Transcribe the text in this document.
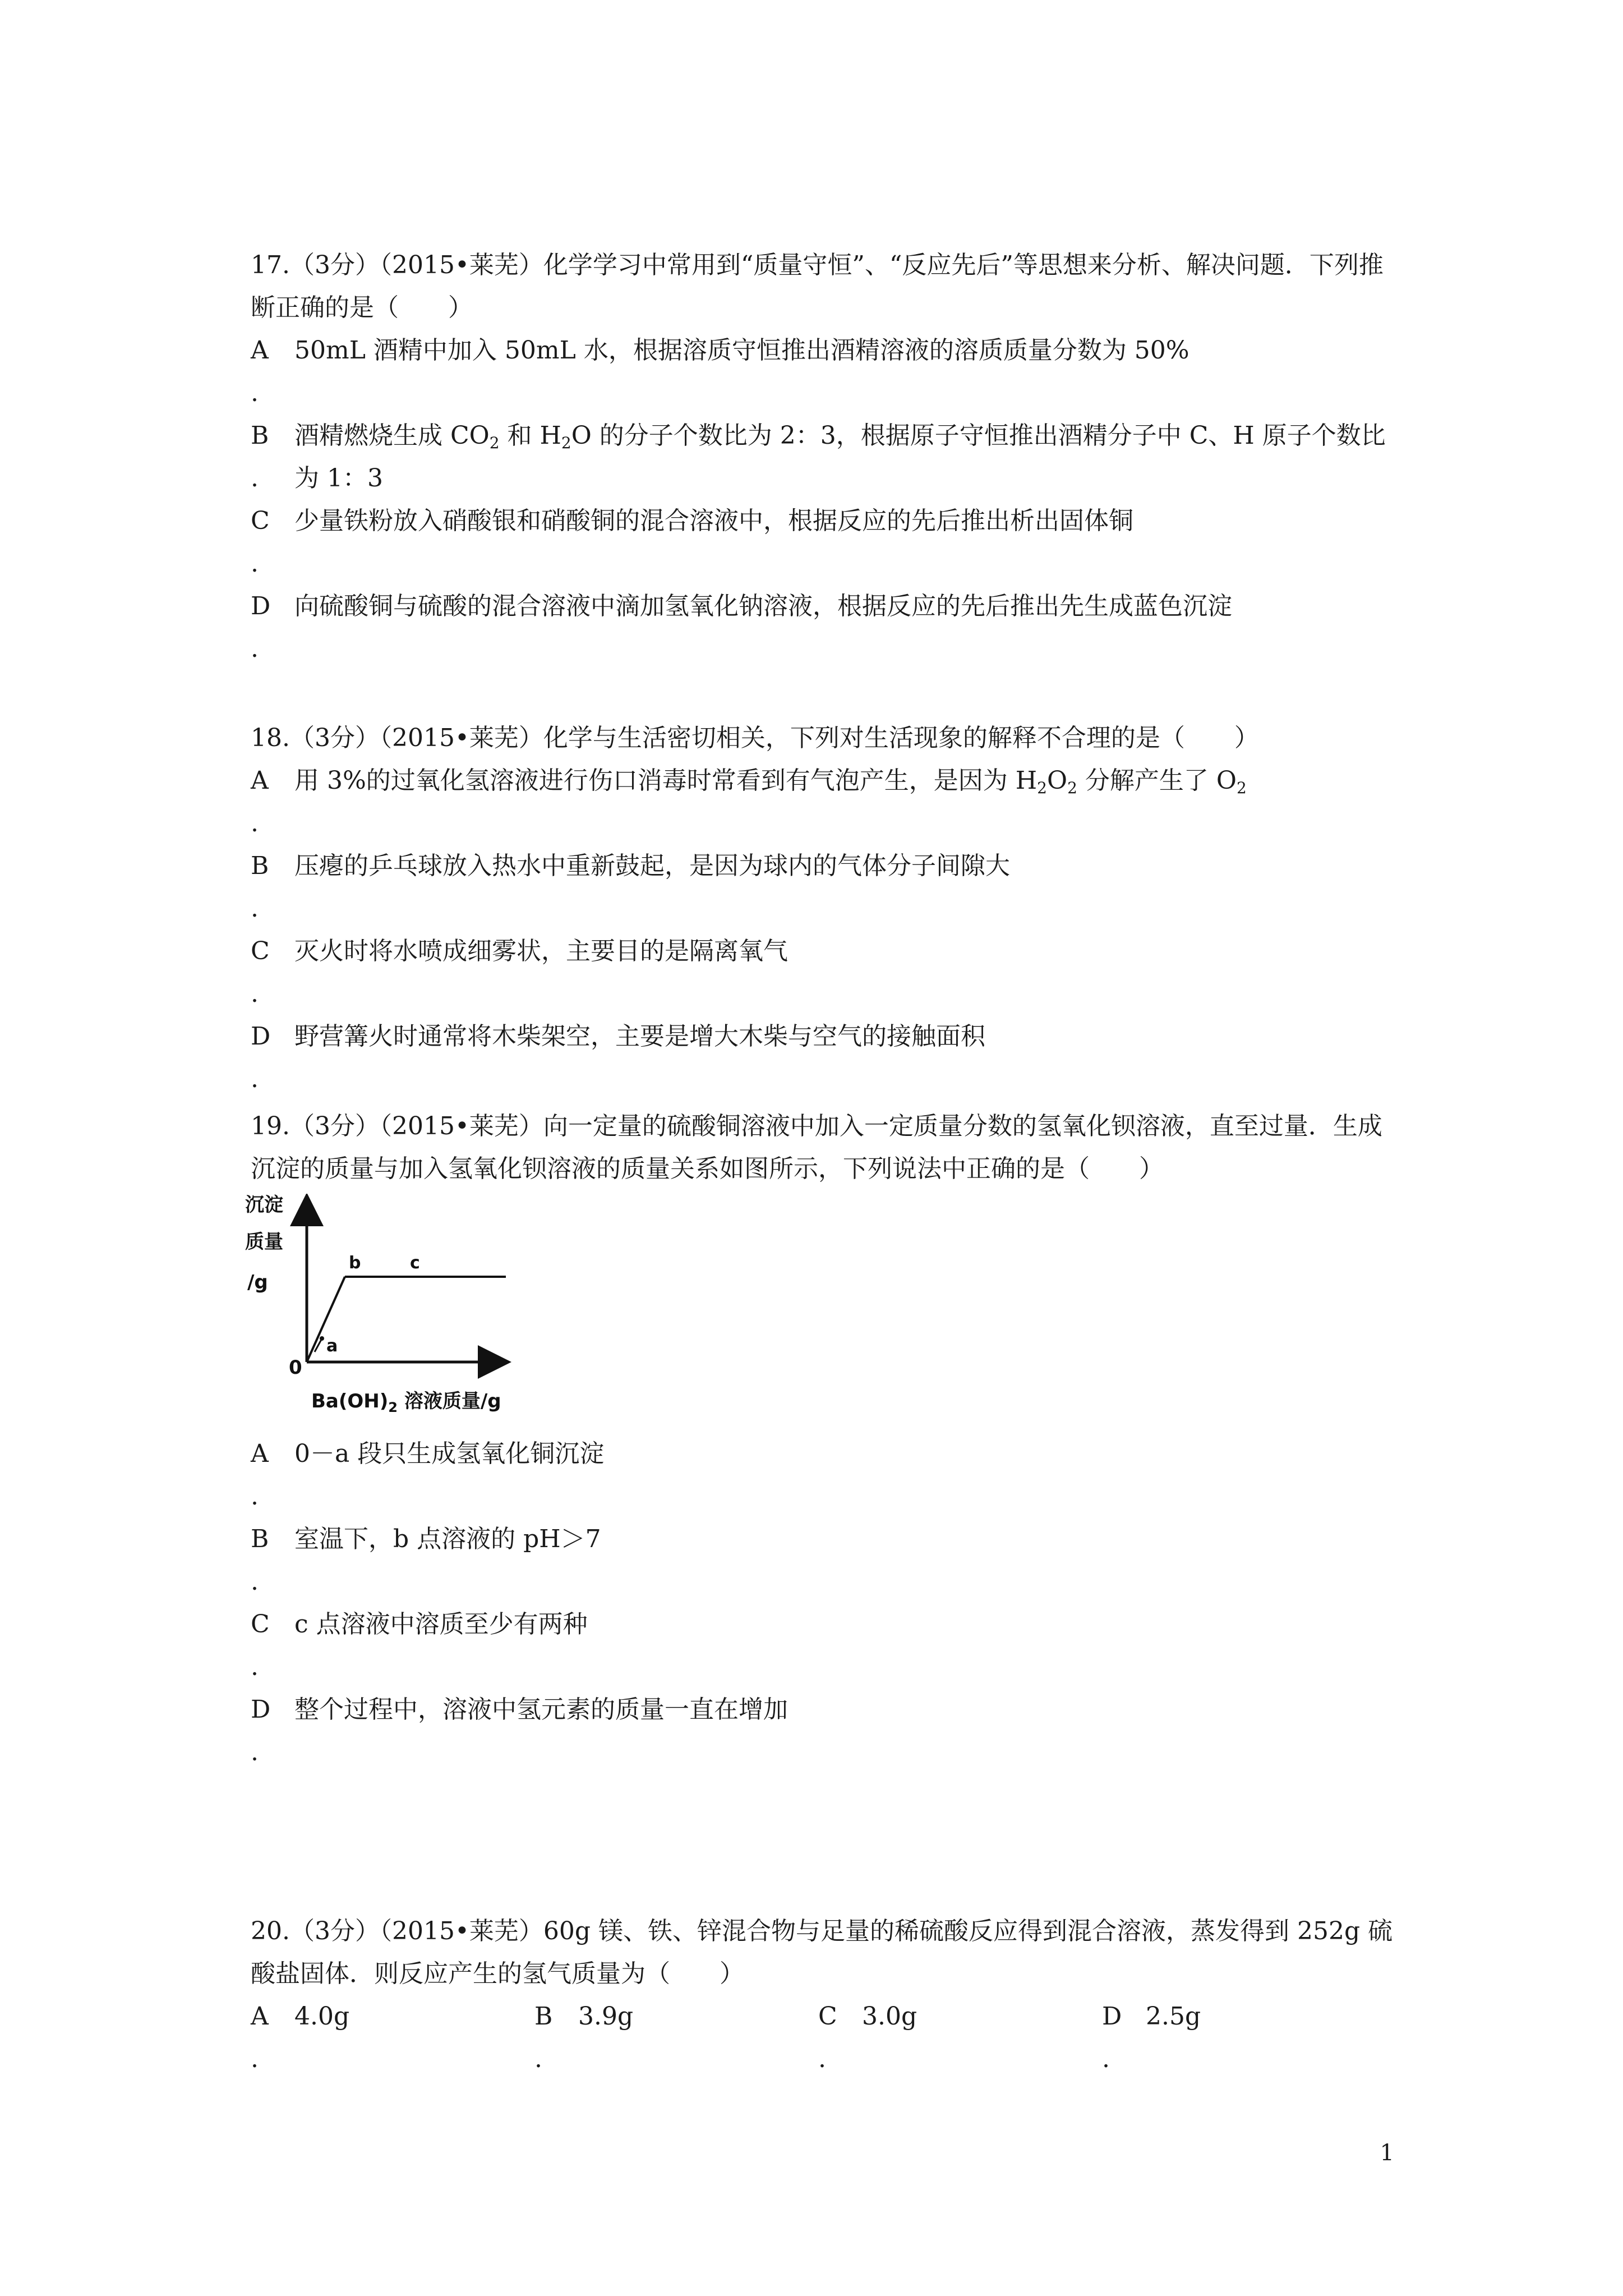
17.（3分）（2015•莱芜）化学学习中常用到“质量守恒”、“反应先后”等思想来分析、解决问题．下列推断正确的是（　　）
A
.
50mL 酒精中加入 50mL 水，根据溶质守恒推出酒精溶液的溶质质量分数为 50%
B
.
酒精燃烧生成 $CO_2$ 和 $H_2O$ 的分子个数比为 2：3，根据原子守恒推出酒精分子中 C、H 原子个数比为 1：3
C
.
少量铁粉放入硝酸银和硝酸铜的混合溶液中，根据反应的先后推出析出固体铜
D
.
向硫酸铜与硫酸的混合溶液中滴加氢氧化钠溶液，根据反应的先后推出先生成蓝色沉淀
18.（3分）（2015•莱芜）化学与生活密切相关，下列对生活现象的解释不合理的是（　　）
A
.
用 3%的过氧化氢溶液进行伤口消毒时常看到有气泡产生，是因为 $H_2O_2$ 分解产生了 $O_2$
B
.
压瘪的乒乓球放入热水中重新鼓起，是因为球内的气体分子间隙大
C
.
灭火时将水喷成细雾状，主要目的是隔离氧气
D
.
野营篝火时通常将木柴架空，主要是增大木柴与空气的接触面积
19.（3分）（2015•莱芜）向一定量的硫酸铜溶液中加入一定质量分数的氢氧化钡溶液，直至过量．生成沉淀的质量与加入氢氧化钡溶液的质量关系如图所示，下列说法中正确的是（　　）
沉淀
质量
/g
0
a
b	c
$Ba(OH)_2$ 溶液质量/g
A
.
0－a 段只生成氢氧化铜沉淀
B
.
室温下，b 点溶液的 pH＞7
C
.
c 点溶液中溶质至少有两种
D
.
整个过程中，溶液中氢元素的质量一直在增加
20.（3分）（2015•莱芜）60g 镁、铁、锌混合物与足量的稀硫酸反应得到混合溶液，蒸发得到 252g 硫酸盐固体．则反应产生的氢气质量为（　　）
A
.
4.0g	B
.
3.9g	C
.
3.0g	D
.
2.5g
1
